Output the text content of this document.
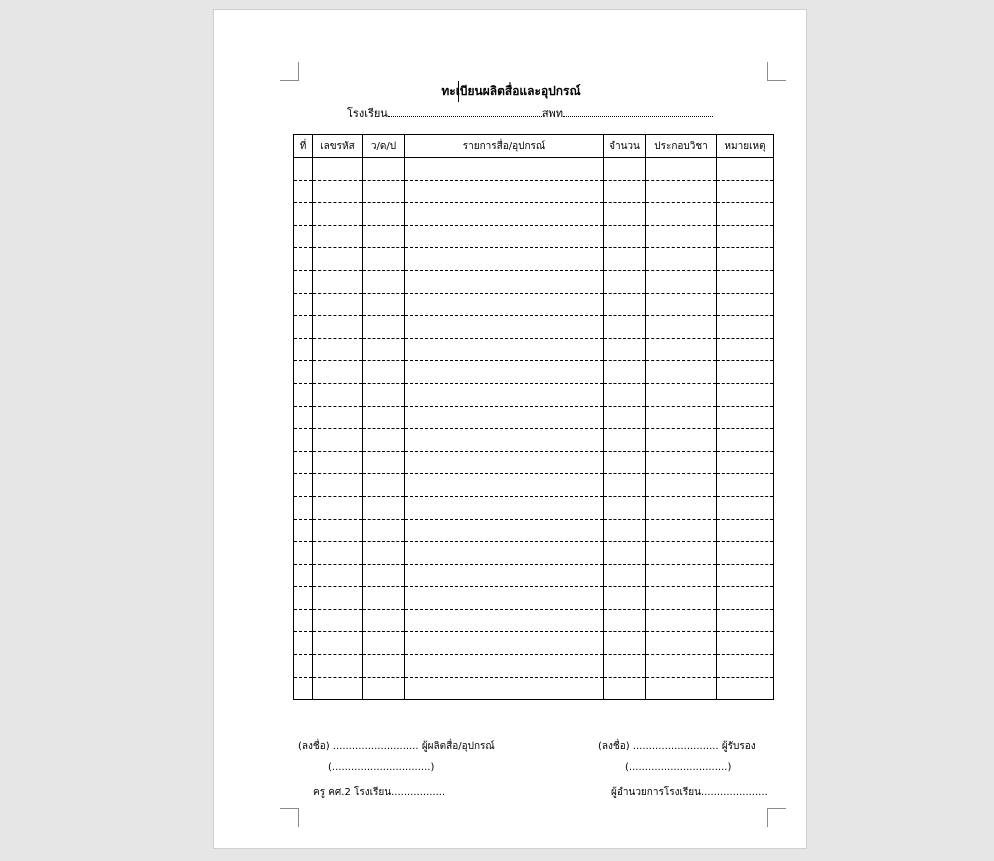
ทะเบียนผลิตสื่อและอุปกรณ์
โรงเรียน	สพท
ที่	เลขรหัส	ว/ด/ป	รายการสื่อ/อุปกรณ์	จำนวน	ประกอบวิชา	หมายเหตุ

(ลงชื่อ) ........................... ผู้ผลิตสื่อ/อุปกรณ์
(...............................)
ครู คศ.2 โรงเรียน.................
(ลงชื่อ) ........................... ผู้รับรอง
(...............................)
ผู้อำนวยการโรงเรียน.....................
